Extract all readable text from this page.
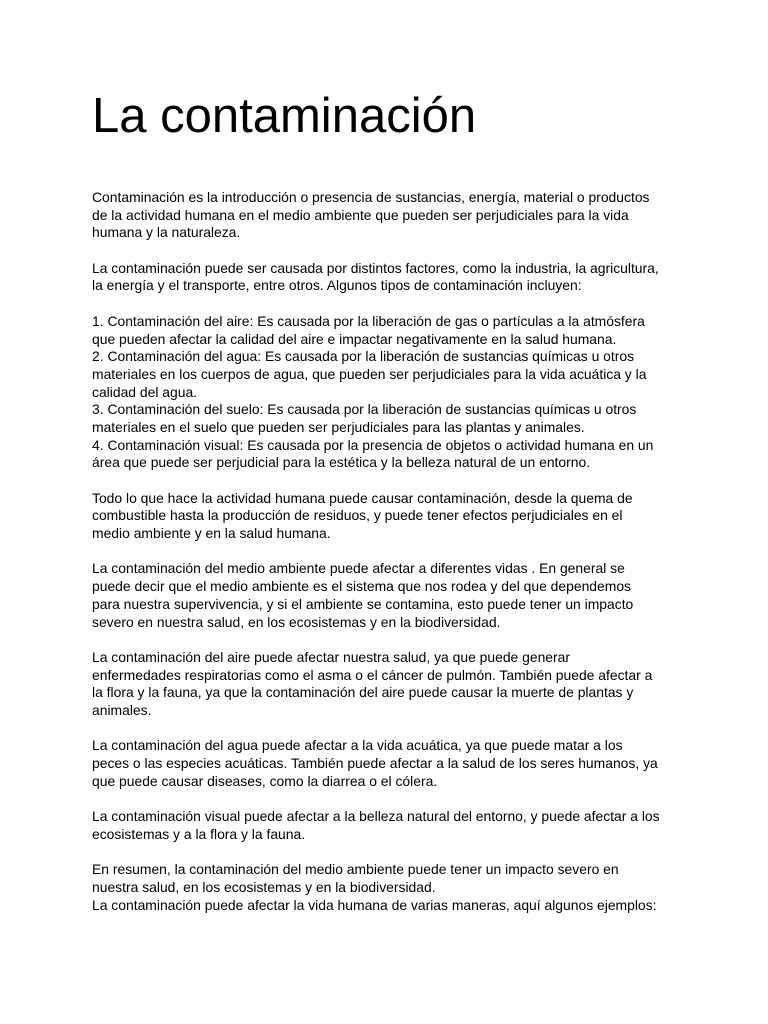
La contaminación
Contaminación es la introducción o presencia de sustancias, energía, material o productos
de la actividad humana en el medio ambiente que pueden ser perjudiciales para la vida
humana y la naturaleza.
La contaminación puede ser causada por distintos factores, como la industria, la agricultura,
la energía y el transporte, entre otros. Algunos tipos de contaminación incluyen:
1. Contaminación del aire: Es causada por la liberación de gas o partículas a la atmósfera
que pueden afectar la calidad del aire e impactar negativamente en la salud humana.
2. Contaminación del agua: Es causada por la liberación de sustancias químicas u otros
materiales en los cuerpos de agua, que pueden ser perjudiciales para la vida acuática y la
calidad del agua.
3. Contaminación del suelo: Es causada por la liberación de sustancias químicas u otros
materiales en el suelo que pueden ser perjudiciales para las plantas y animales.
4. Contaminación visual: Es causada por la presencia de objetos o actividad humana en un
área que puede ser perjudicial para la estética y la belleza natural de un entorno.
Todo lo que hace la actividad humana puede causar contaminación, desde la quema de
combustible hasta la producción de residuos, y puede tener efectos perjudiciales en el
medio ambiente y en la salud humana.
La contaminación del medio ambiente puede afectar a diferentes vidas . En general se
puede decir que el medio ambiente es el sistema que nos rodea y del que dependemos
para nuestra supervivencia, y si el ambiente se contamina, esto puede tener un impacto
severo en nuestra salud, en los ecosistemas y en la biodiversidad.
La contaminación del aire puede afectar nuestra salud, ya que puede generar
enfermedades respiratorias como el asma o el cáncer de pulmón. También puede afectar a
la flora y la fauna, ya que la contaminación del aire puede causar la muerte de plantas y
animales.
La contaminación del agua puede afectar a la vida acuática, ya que puede matar a los
peces o las especies acuáticas. También puede afectar a la salud de los seres humanos, ya
que puede causar diseases, como la diarrea o el cólera.
La contaminación visual puede afectar a la belleza natural del entorno, y puede afectar a los
ecosistemas y a la flora y la fauna.
En resumen, la contaminación del medio ambiente puede tener un impacto severo en
nuestra salud, en los ecosistemas y en la biodiversidad.
La contaminación puede afectar la vida humana de varias maneras, aquí algunos ejemplos:
